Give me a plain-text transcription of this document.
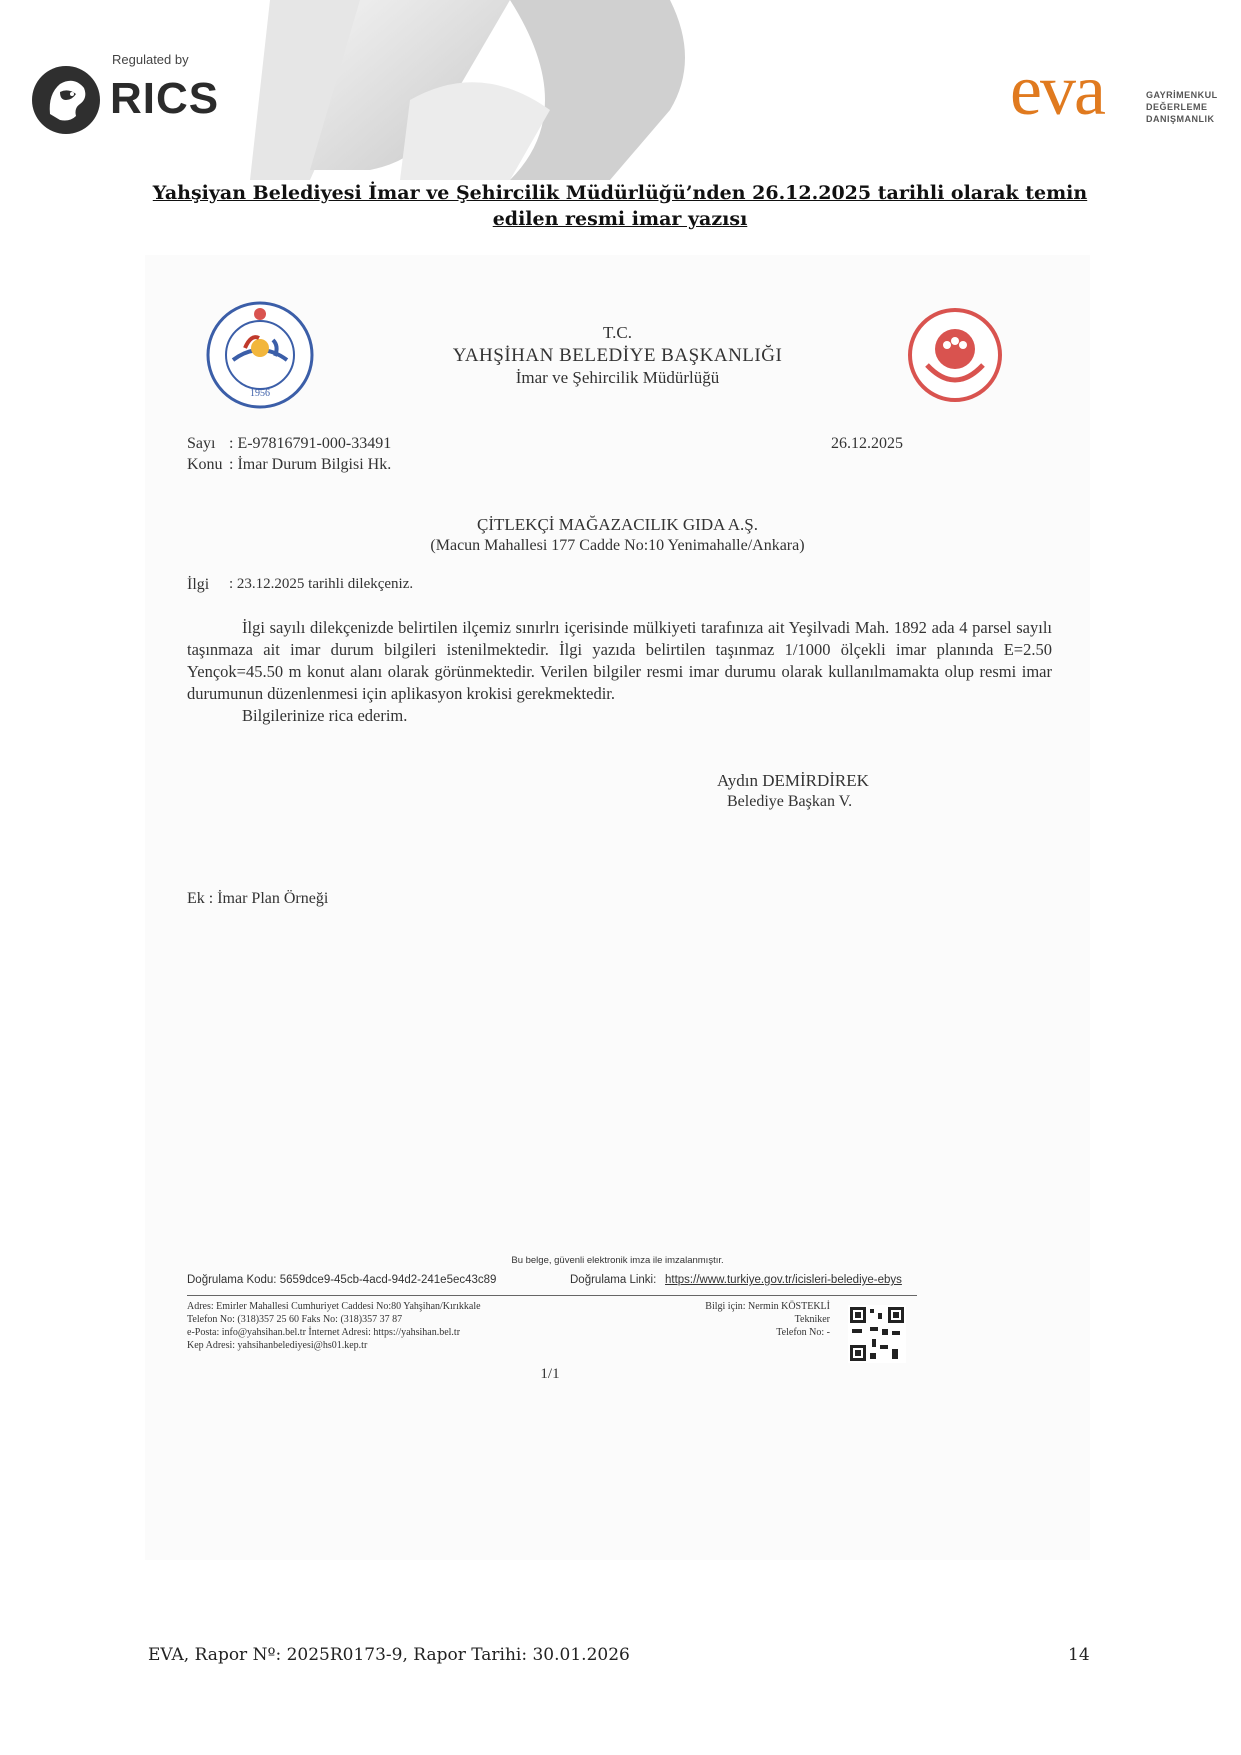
Regulated by
RICS	eva	GAYRİMENKUL
DEĞERLEME
DANIŞMANLIK
Yahşiyan Belediyesi İmar ve Şehircilik Müdürlüğü’nden 26.12.2025 tarihli olarak temin
edilen resmi imar yazısı
1956
T.C.
YAHŞİHAN BELEDİYE BAŞKANLIĞI
İmar ve Şehircilik Müdürlüğü
Sayı : E-97816791-000-33491	26.12.2025
Konu : İmar Durum Bilgisi Hk.
ÇİTLEKÇİ MAĞAZACILIK GIDA A.Ş.
(Macun Mahallesi 177 Cadde No:10 Yenimahalle/Ankara)
İlgi : 23.12.2025 tarihli dilekçeniz.
İlgi sayılı dilekçenizde belirtilen ilçemiz sınırlrı içerisinde mülkiyeti tarafınıza ait Yeşilvadi Mah. 1892 ada 4 parsel sayılı taşınmaza ait imar durum bilgileri istenilmektedir. İlgi yazıda belirtilen taşınmaz 1/1000 ölçekli imar planında E=2.50 Yençok=45.50 m konut alanı olarak görünmektedir. Verilen bilgiler resmi imar durumu olarak kullanılmamakta olup resmi imar durumunun düzenlenmesi için aplikasyon krokisi gerekmektedir.
Bilgilerinize rica ederim.
Aydın DEMİRDİREK
Belediye Başkan V.
Ek : İmar Plan Örneği
Bu belge, güvenli elektronik imza ile imzalanmıştır.
Doğrulama Kodu: 5659dce9-45cb-4acd-94d2-241e5ec43c89	Doğrulama Linki: https://www.turkiye.gov.tr/icisleri-belediye-ebys
Adres: Emirler Mahallesi Cumhuriyet Caddesi No:80 Yahşihan/Kırıkkale
Telefon No: (318)357 25 60 Faks No: (318)357 37 87
e-Posta: info@yahsihan.bel.tr İnternet Adresi: https://yahsihan.bel.tr
Kep Adresi: yahsihanbelediyesi@hs01.kep.tr
Bilgi için: Nermin KÖSTEKLİ
Tekniker
Telefon No: -
1/1
EVA, Rapor Nº: 2025R0173-9, Rapor Tarihi: 30.01.2026	14
